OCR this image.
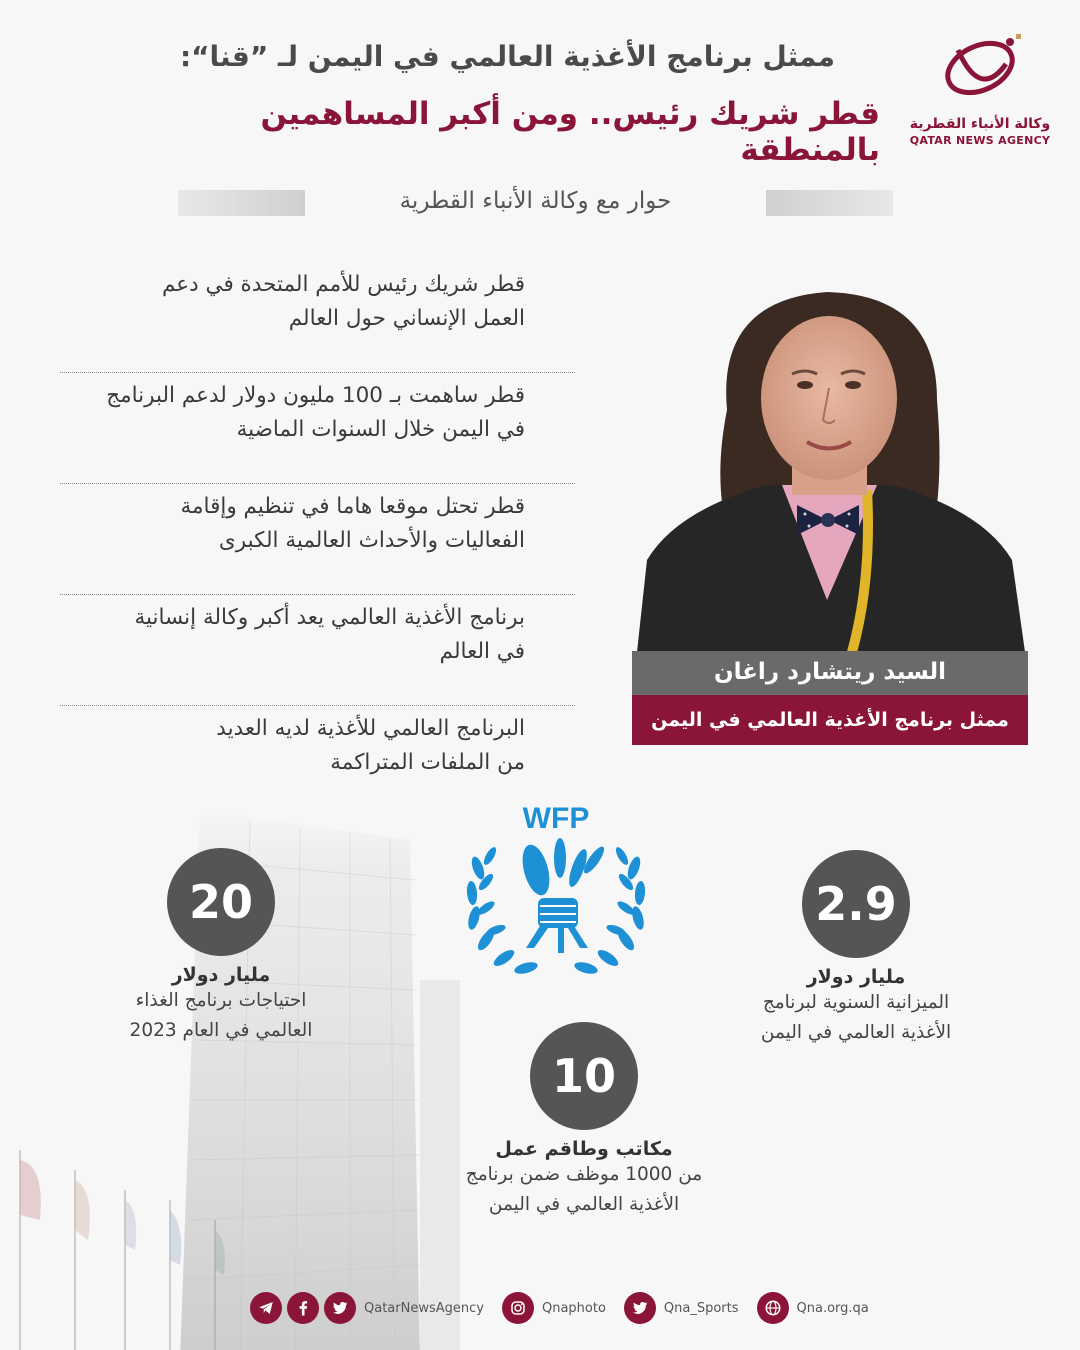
ممثل برنامج الأغذية العالمي في اليمن لـ ”قنا“:
قطر شريك رئيس.. ومن أكبر المساهمين بالمنطقة
وكالة الأنباء القطرية
QATAR NEWS AGENCY
حوار مع وكالة الأنباء القطرية
قطر شريك رئيس للأمم المتحدة في دعم
العمل الإنساني حول العالم
قطر ساهمت بـ 100 مليون دولار لدعم البرنامج
في اليمن خلال السنوات الماضية
قطر تحتل موقعا هاما في تنظيم وإقامة
الفعاليات والأحداث العالمية الكبرى
برنامج الأغذية العالمي يعد أكبر وكالة إنسانية
في العالم
البرنامج العالمي للأغذية لديه العديد
من الملفات المتراكمة
السيد ريتشارد راغان
ممثل برنامج الأغذية العالمي في اليمن
WFP
20
مليار دولار
احتياجات برنامج الغذاء
العالمي في العام 2023
2.9
مليار دولار
الميزانية السنوية لبرنامج
الأغذية العالمي في اليمن
10
مكاتب وطاقم عمل
من 1000 موظف ضمن برنامج
الأغذية العالمي في اليمن
QatarNewsAgency	Qnaphoto	Qna_Sports	Qna.org.qa
